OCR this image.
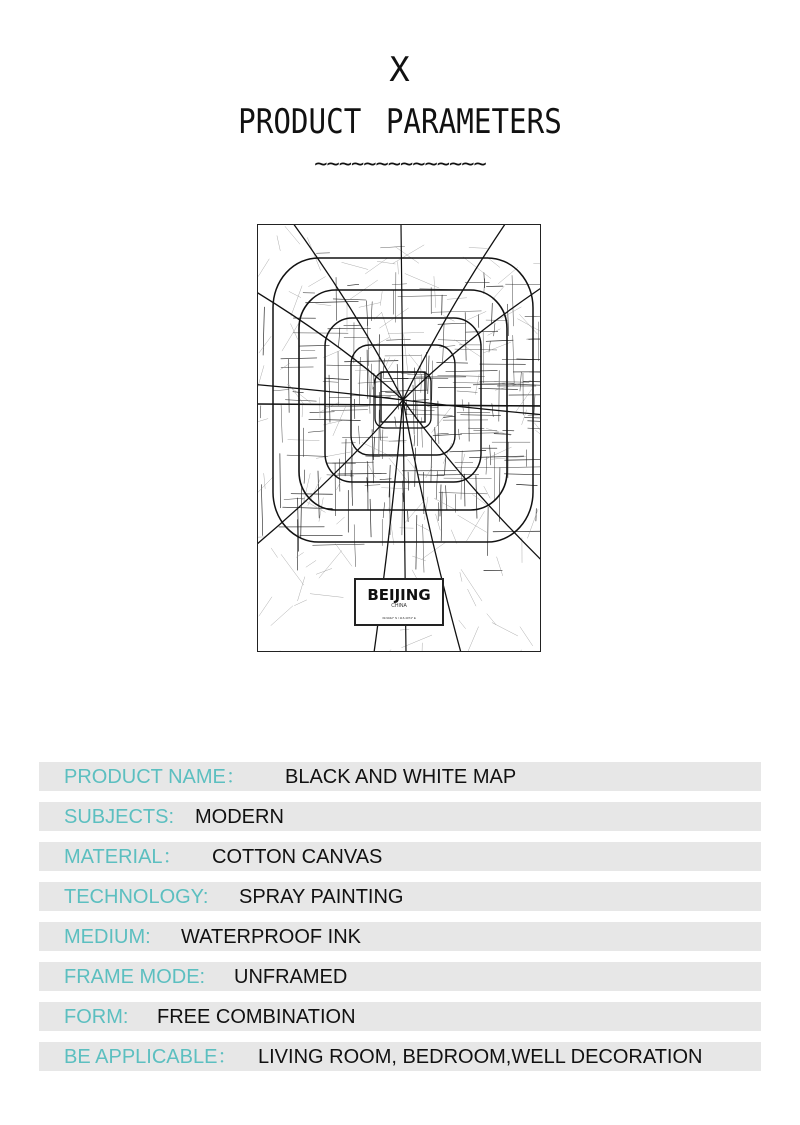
X
PRODUCT PARAMETERS
~~~~~~~~~~~~~~
BEIJING
CHINA
39.9042° N / 116.4074° E
PRODUCT NAME： BLACK AND WHITE MAP
SUBJECTS: MODERN
MATERIAL： COTTON CANVAS
TECHNOLOGY: SPRAY PAINTING
MEDIUM: WATERPROOF INK
FRAME MODE: UNFRAMED
FORM: FREE COMBINATION
BE APPLICABLE： LIVING ROOM, BEDROOM,WELL DECORATION
